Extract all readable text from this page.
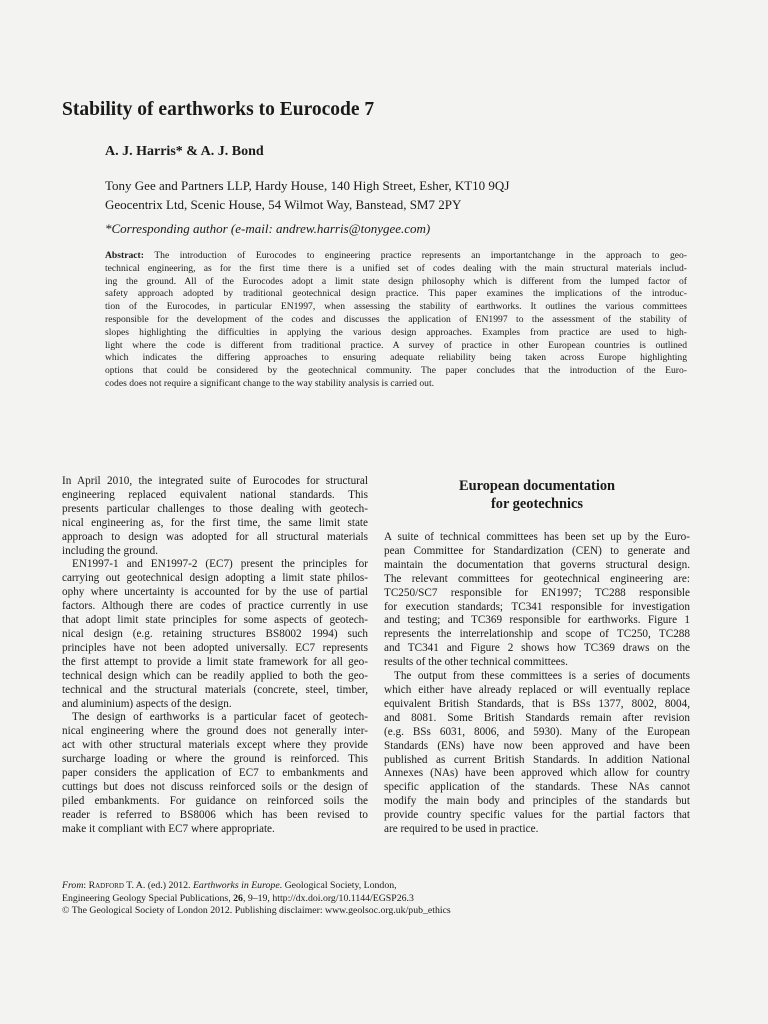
Stability of earthworks to Eurocode 7

A. J. Harris* & A. J. Bond

Tony Gee and Partners LLP, Hardy House, 140 High Street, Esher, KT10 9QJ

Geocentrix Ltd, Scenic House, 54 Wilmot Way, Banstead, SM7 2PY

*Corresponding author (e-mail: andrew.harris@tonygee.com)

Abstract: The introduction of Eurocodes to engineering practice represents an importantchange in the approach to geo-
technical engineering, as for the first time there is a unified set of codes dealing with the main structural materials includ-
ing the ground. All of the Eurocodes adopt a limit state design philosophy which is different from the lumped factor of
safety approach adopted by traditional geotechnical design practice. This paper examines the implications of the introduc-
tion of the Eurocodes, in particular EN1997, when assessing the stability of earthworks. It outlines the various committees
responsible for the development of the codes and discusses the application of EN1997 to the assessment of the stability of
slopes highlighting the difficulties in applying the various design approaches. Examples from practice are used to high-
light where the code is different from traditional practice. A survey of practice in other European countries is outlined
which indicates the differing approaches to ensuring adequate reliability being taken across Europe highlighting
options that could be considered by the geotechnical community. The paper concludes that the introduction of the Euro-
codes does not require a significant change to the way stability analysis is carried out.
In April 2010, the integrated suite of Eurocodes for structural
engineering replaced equivalent national standards. This
presents particular challenges to those dealing with geotech-
nical engineering as, for the first time, the same limit state
approach to design was adopted for all structural materials
including the ground.
EN1997-1 and EN1997-2 (EC7) present the principles for
carrying out geotechnical design adopting a limit state philos-
ophy where uncertainty is accounted for by the use of partial
factors. Although there are codes of practice currently in use
that adopt limit state principles for some aspects of geotech-
nical design (e.g. retaining structures BS8002 1994) such
principles have not been adopted universally. EC7 represents
the first attempt to provide a limit state framework for all geo-
technical design which can be readily applied to both the geo-
technical and the structural materials (concrete, steel, timber,
and aluminium) aspects of the design.
The design of earthworks is a particular facet of geotech-
nical engineering where the ground does not generally inter-
act with other structural materials except where they provide
surcharge loading or where the ground is reinforced. This
paper considers the application of EC7 to embankments and
cuttings but does not discuss reinforced soils or the design of
piled embankments. For guidance on reinforced soils the
reader is referred to BS8006 which has been revised to
make it compliant with EC7 where appropriate.
European documentation
for geotechnics
A suite of technical committees has been set up by the Euro-
pean Committee for Standardization (CEN) to generate and
maintain the documentation that governs structural design.
The relevant committees for geotechnical engineering are:
TC250/SC7 responsible for EN1997; TC288 responsible
for execution standards; TC341 responsible for investigation
and testing; and TC369 responsible for earthworks. Figure 1
represents the interrelationship and scope of TC250, TC288
and TC341 and Figure 2 shows how TC369 draws on the
results of the other technical committees.
The output from these committees is a series of documents
which either have already replaced or will eventually replace
equivalent British Standards, that is BSs 1377, 8002, 8004,
and 8081. Some British Standards remain after revision
(e.g. BSs 6031, 8006, and 5930). Many of the European
Standards (ENs) have now been approved and have been
published as current British Standards. In addition National
Annexes (NAs) have been approved which allow for country
specific application of the standards. These NAs cannot
modify the main body and principles of the standards but
provide country specific values for the partial factors that
are required to be used in practice.
From: Radford T. A. (ed.) 2012. Earthworks in Europe. Geological Society, London,
Engineering Geology Special Publications, 26, 9–19, http://dx.doi.org/10.1144/EGSP26.3
© The Geological Society of London 2012. Publishing disclaimer: www.geolsoc.org.uk/pub_ethics
